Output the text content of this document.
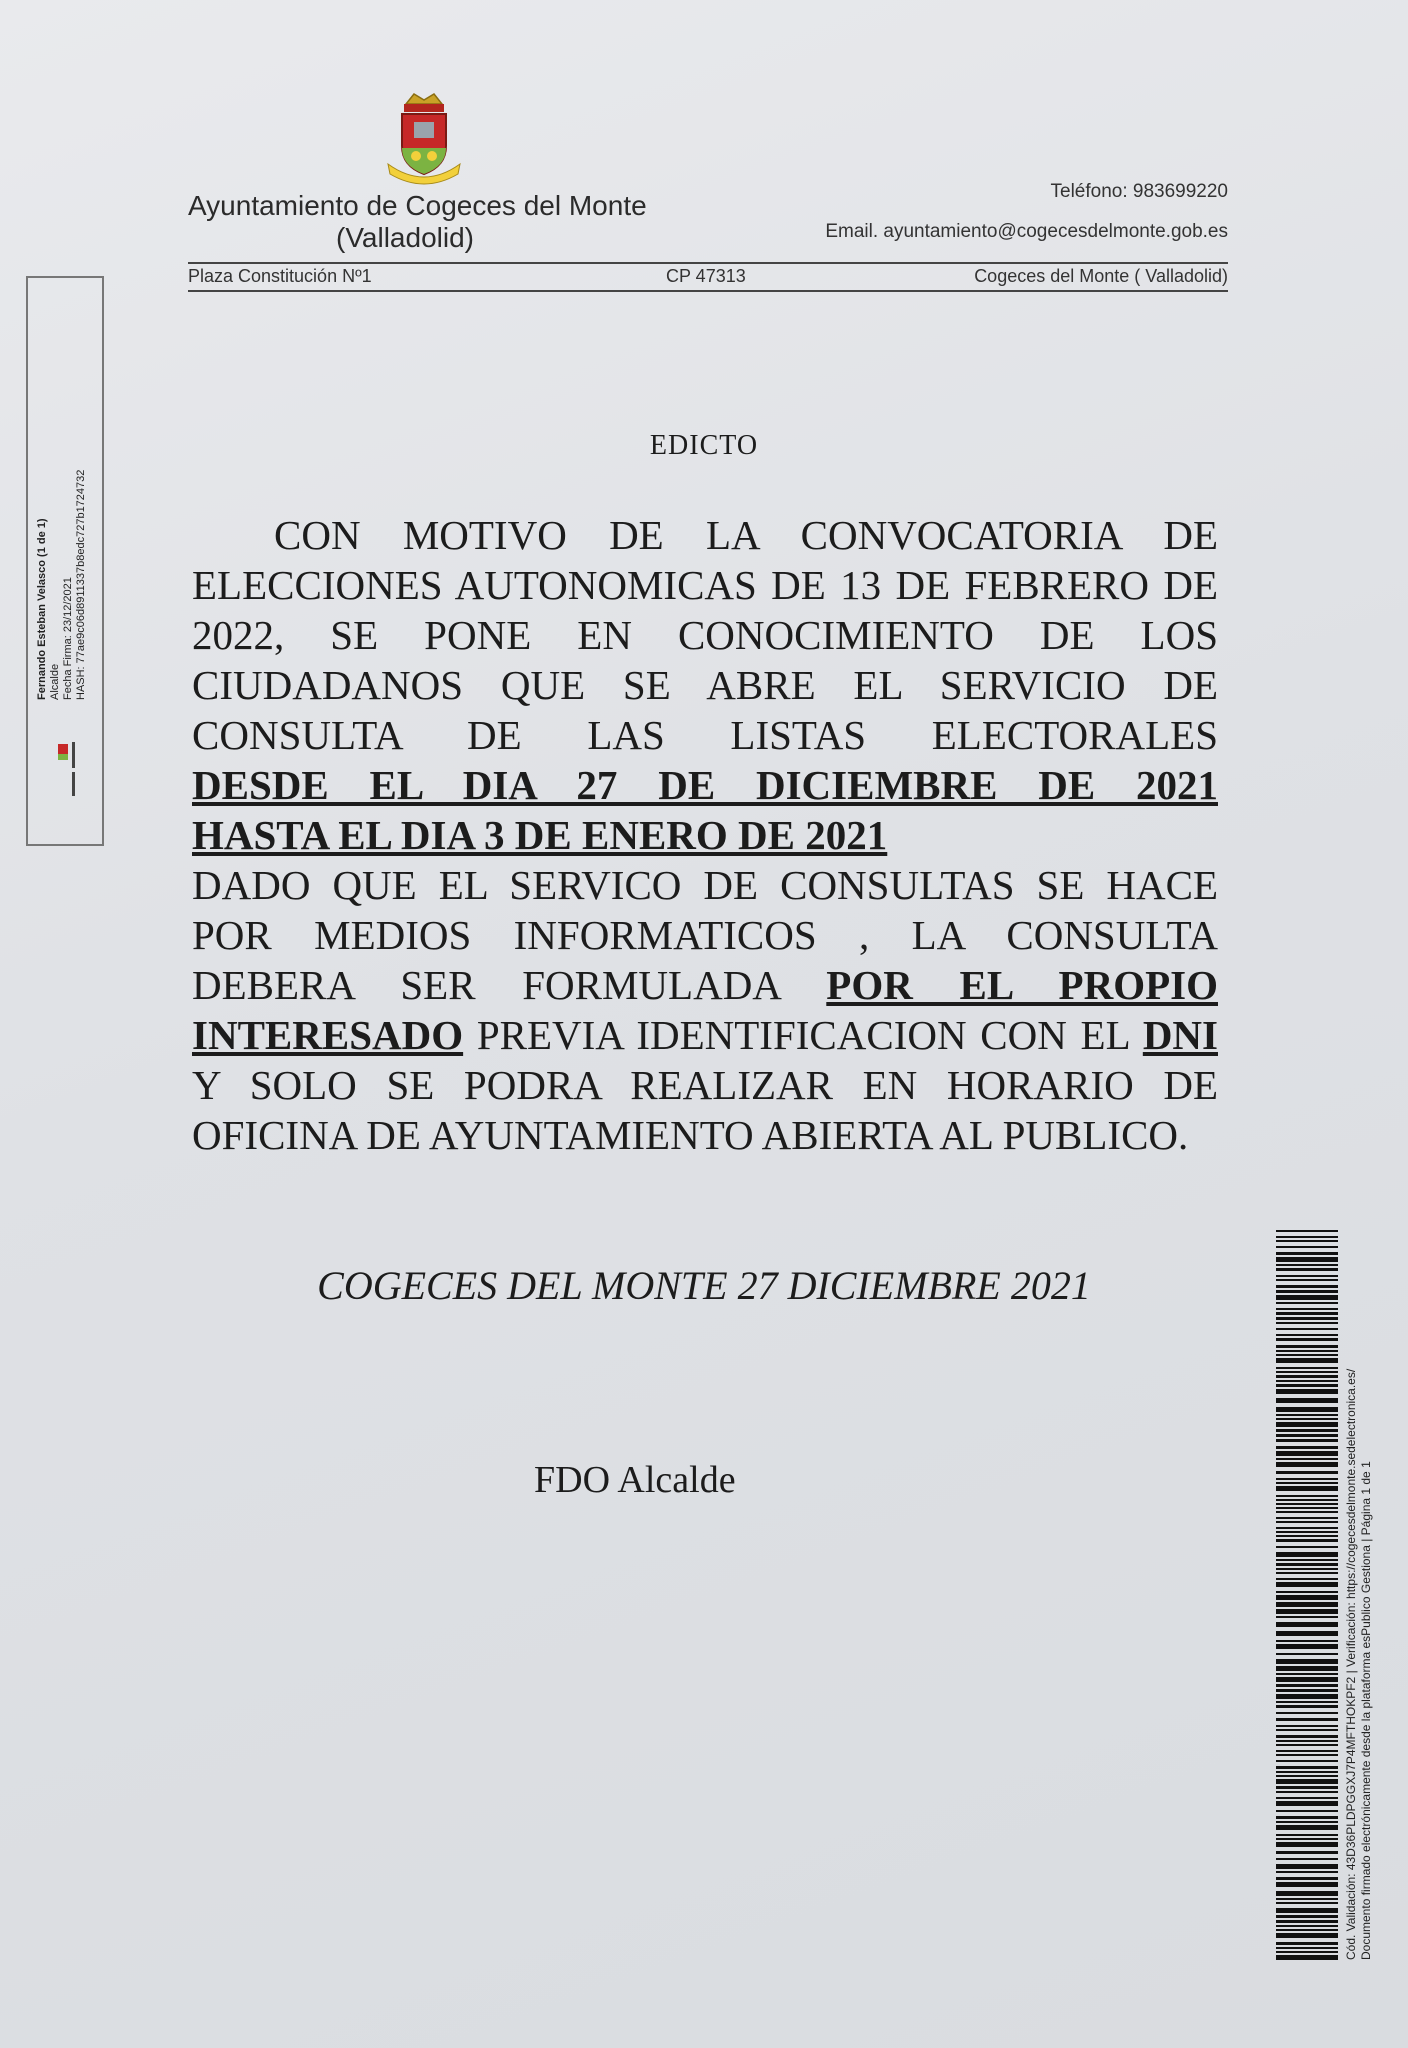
Ayuntamiento de Cogeces del Monte
(Valladolid)
Teléfono: 983699220
Email. ayuntamiento@cogecesdelmonte.gob.es
Plaza Constitución Nº1	CP 47313	Cogeces del Monte ( Valladolid)
Fernando Esteban Velasco (1 de 1) Alcalde Fecha Firma: 23/12/2021 HASH: 77ae9c06d8911337b8edc727b1724732
EDICTO

CON MOTIVO DE LA CONVOCATORIA DE ELECCIONES AUTONOMICAS DE 13 DE FEBRERO DE 2022, SE PONE EN CONOCIMIENTO DE LOS CIUDADANOS QUE SE ABRE EL SERVICIO DE CONSULTA DE LAS LISTAS ELECTORALES

DESDE EL DIA 27 DE DICIEMBRE DE 2021

HASTA EL DIA 3 DE ENERO DE 2021

DADO QUE EL SERVICO DE CONSULTAS SE HACE POR MEDIOS INFORMATICOS , LA CONSULTA DEBERA SER FORMULADA POR EL PROPIO INTERESADO PREVIA IDENTIFICACION CON EL DNI Y SOLO SE PODRA REALIZAR EN HORARIO DE OFICINA DE AYUNTAMIENTO ABIERTA AL PUBLICO.

COGECES DEL MONTE 27 DICIEMBRE 2021
FDO Alcalde	Cód. Validación: 43D36PLDPGGXJ7P4MFTHOKPF2 | Verificación: https://cogecesdelmonte.sedelectronica.es/ Documento firmado electrónicamente desde la plataforma esPublico Gestiona | Página 1 de 1
